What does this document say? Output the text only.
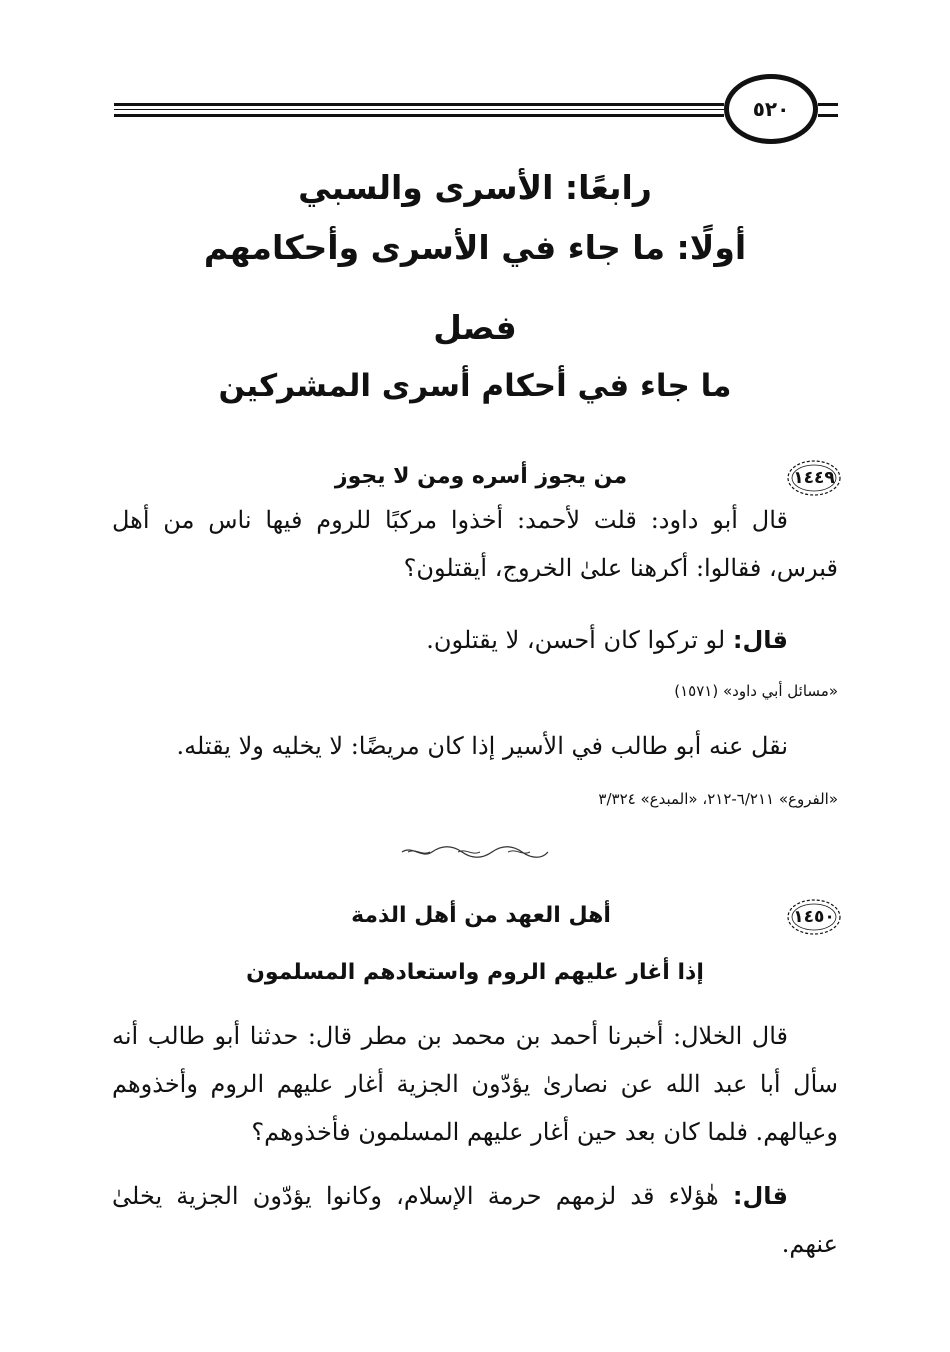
٥٢٠
رابعًا: الأسرى والسبي
أولًا: ما جاء في الأسرى وأحكامهم
فصل
ما جاء في أحكام أسرى المشركين
١٤٤٩
من يجوز أسره ومن لا يجوز

قال أبو داود: قلت لأحمد: أخذوا مركبًا للروم فيها ناس من أهل قبرس، فقالوا: أكرهنا علىٰ الخروج، أيقتلون؟

قال: لو تركوا كان أحسن، لا يقتلون.

«مسائل أبي داود» (١٥٧١)

نقل عنه أبو طالب في الأسير إذا كان مريضًا: لا يخليه ولا يقتله.

«الفروع» ٦/٢١١-٢١٢، «المبدع» ٣/٣٢٤
١٤٥٠
أهل العهد من أهل الذمة
إذا أغار عليهم الروم واستعادهم المسلمون

قال الخلال: أخبرنا أحمد بن محمد بن مطر قال: حدثنا أبو طالب أنه سأل أبا عبد الله عن نصارىٰ يؤدّون الجزية أغار عليهم الروم وأخذوهم وعيالهم. فلما كان بعد حين أغار عليهم المسلمون فأخذوهم؟

قال: هٰؤلاء قد لزمهم حرمة الإسلام، وكانوا يؤدّون الجزية يخلىٰ عنهم.
